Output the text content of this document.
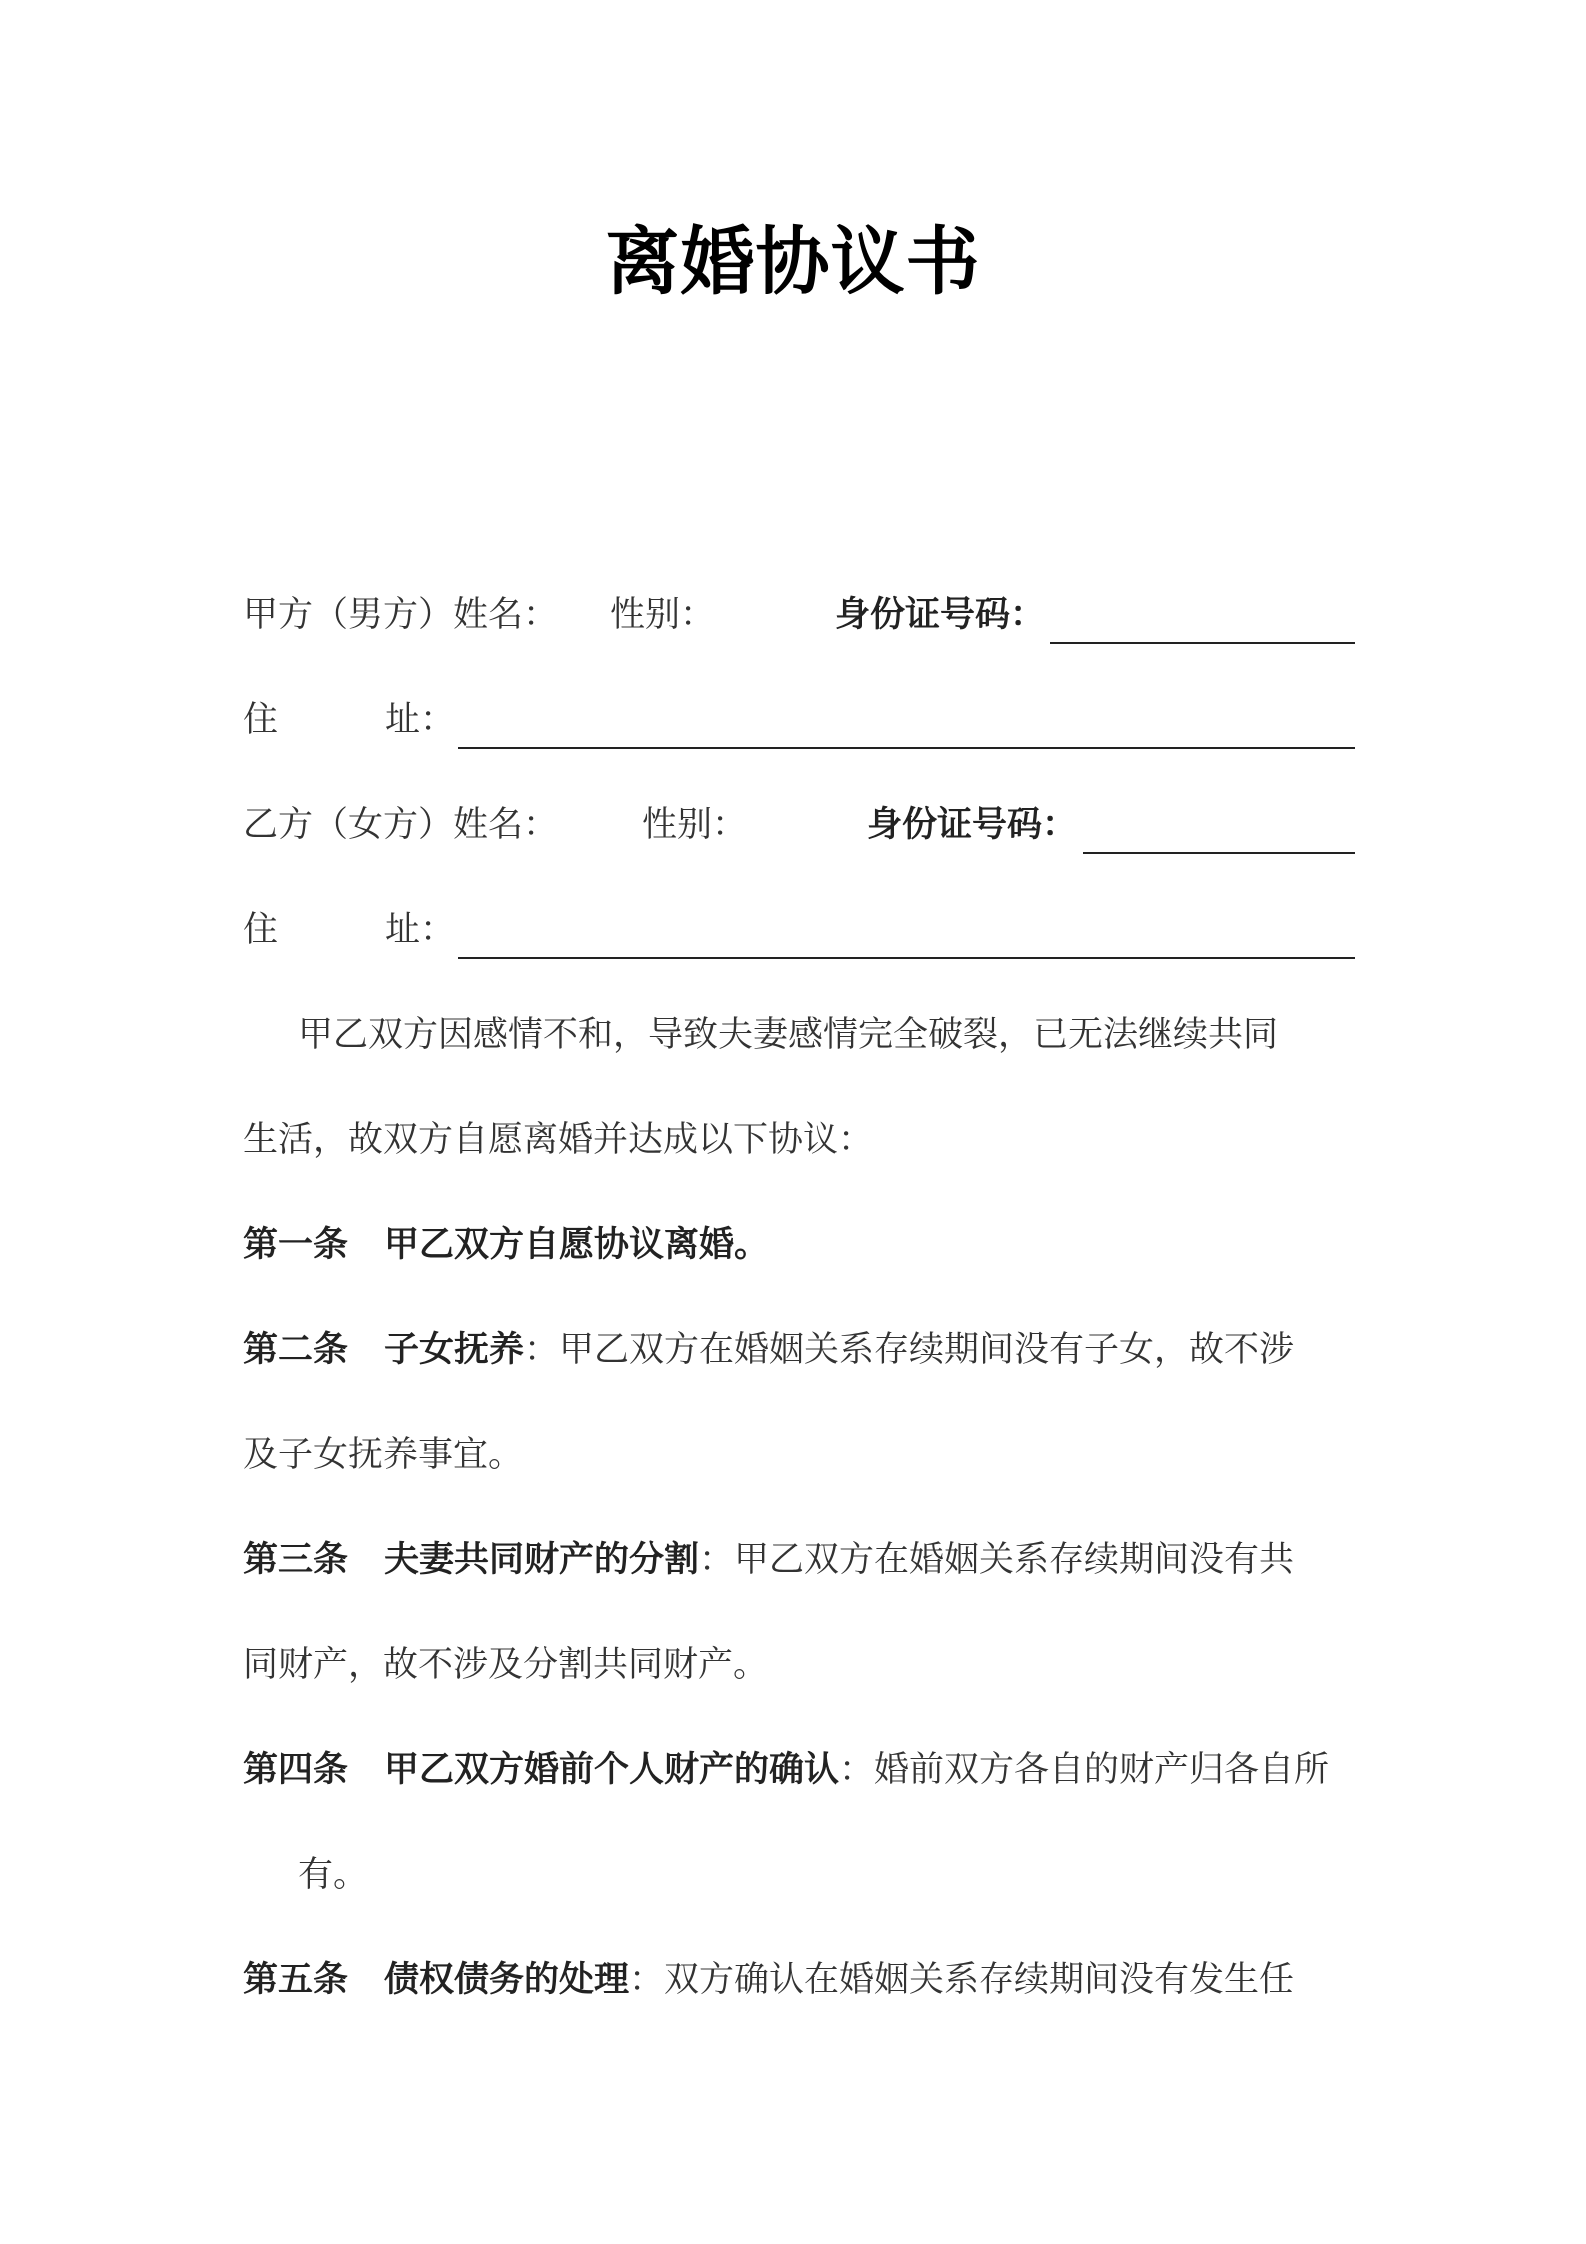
离婚协议书
甲方（男方）姓名： 性别：	身份证号码：
住	址：
乙方（女方）姓名： 性别：	身份证号码：
住	址：
甲乙双方因感情不和，导致夫妻感情完全破裂，已无法继续共同
生活，故双方自愿离婚并达成以下协议：
第一条 甲乙双方自愿协议离婚。
第二条 子女抚养：甲乙双方在婚姻关系存续期间没有子女，故不涉
及子女抚养事宜。
第三条 夫妻共同财产的分割：甲乙双方在婚姻关系存续期间没有共
同财产，故不涉及分割共同财产。
第四条 甲乙双方婚前个人财产的确认：婚前双方各自的财产归各自所
有。
第五条 债权债务的处理：双方确认在婚姻关系存续期间没有发生任
